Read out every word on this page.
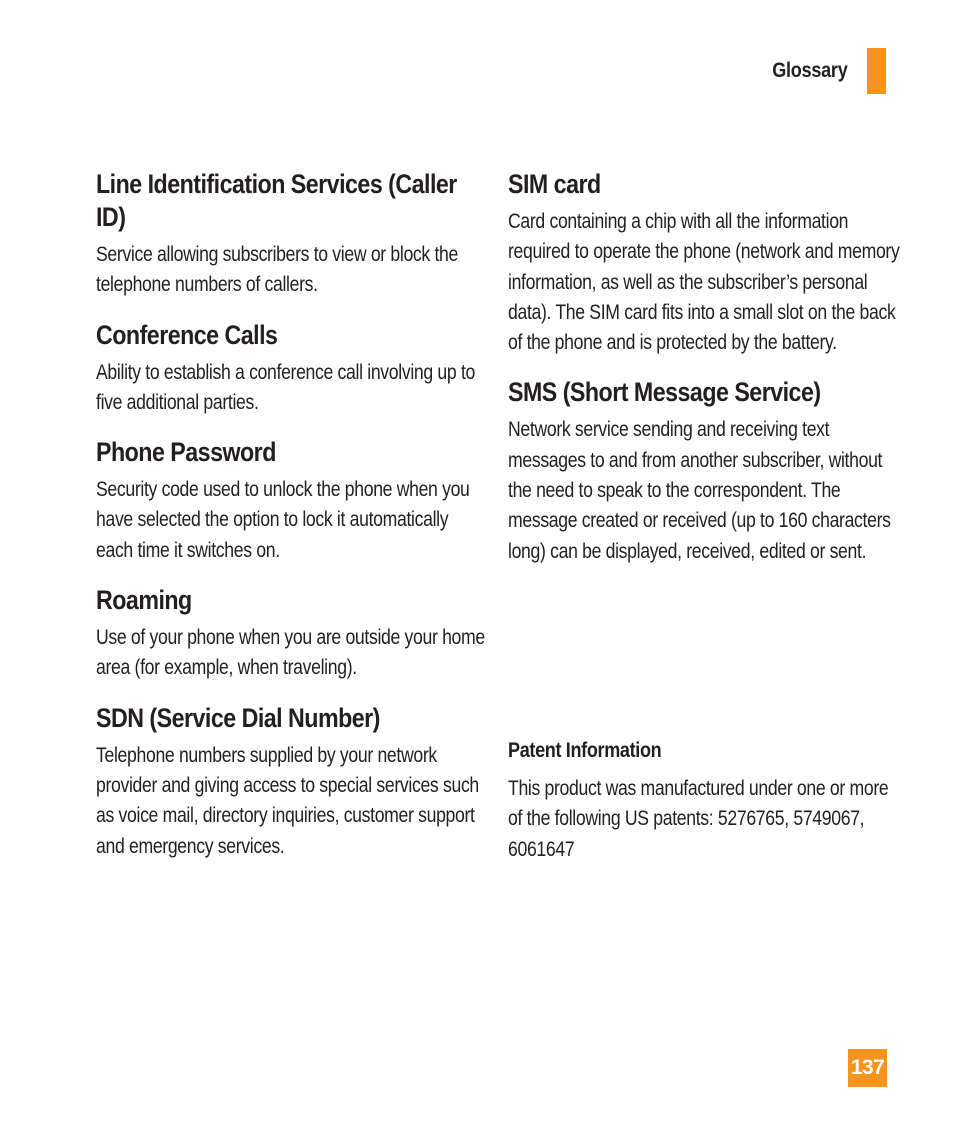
Glossary
Line Identification Services (Caller ID)

Service allowing subscribers to view or block the telephone numbers of callers.

Conference Calls

Ability to establish a conference call involving up to five additional parties.

Phone Password

Security code used to unlock the phone when you have selected the option to lock it automatically each time it switches on.

Roaming

Use of your phone when you are outside your home area (for example, when traveling).

SDN (Service Dial Number)

Telephone numbers supplied by your network provider and giving access to special services such as voice mail, directory inquiries, customer support and emergency services.

SIM card

Card containing a chip with all the information required to operate the phone (network and memory information, as well as the subscriber’s personal data). The SIM card fits into a small slot on the back of the phone and is protected by the battery.

SMS (Short Message Service)

Network service sending and receiving text messages to and from another subscriber, without the need to speak to the correspondent. The message created or received (up to 160 characters long) can be displayed, received, edited or sent.

Patent Information

This product was manufactured under one or more of the following US patents: 5276765, 5749067, 6061647

137
